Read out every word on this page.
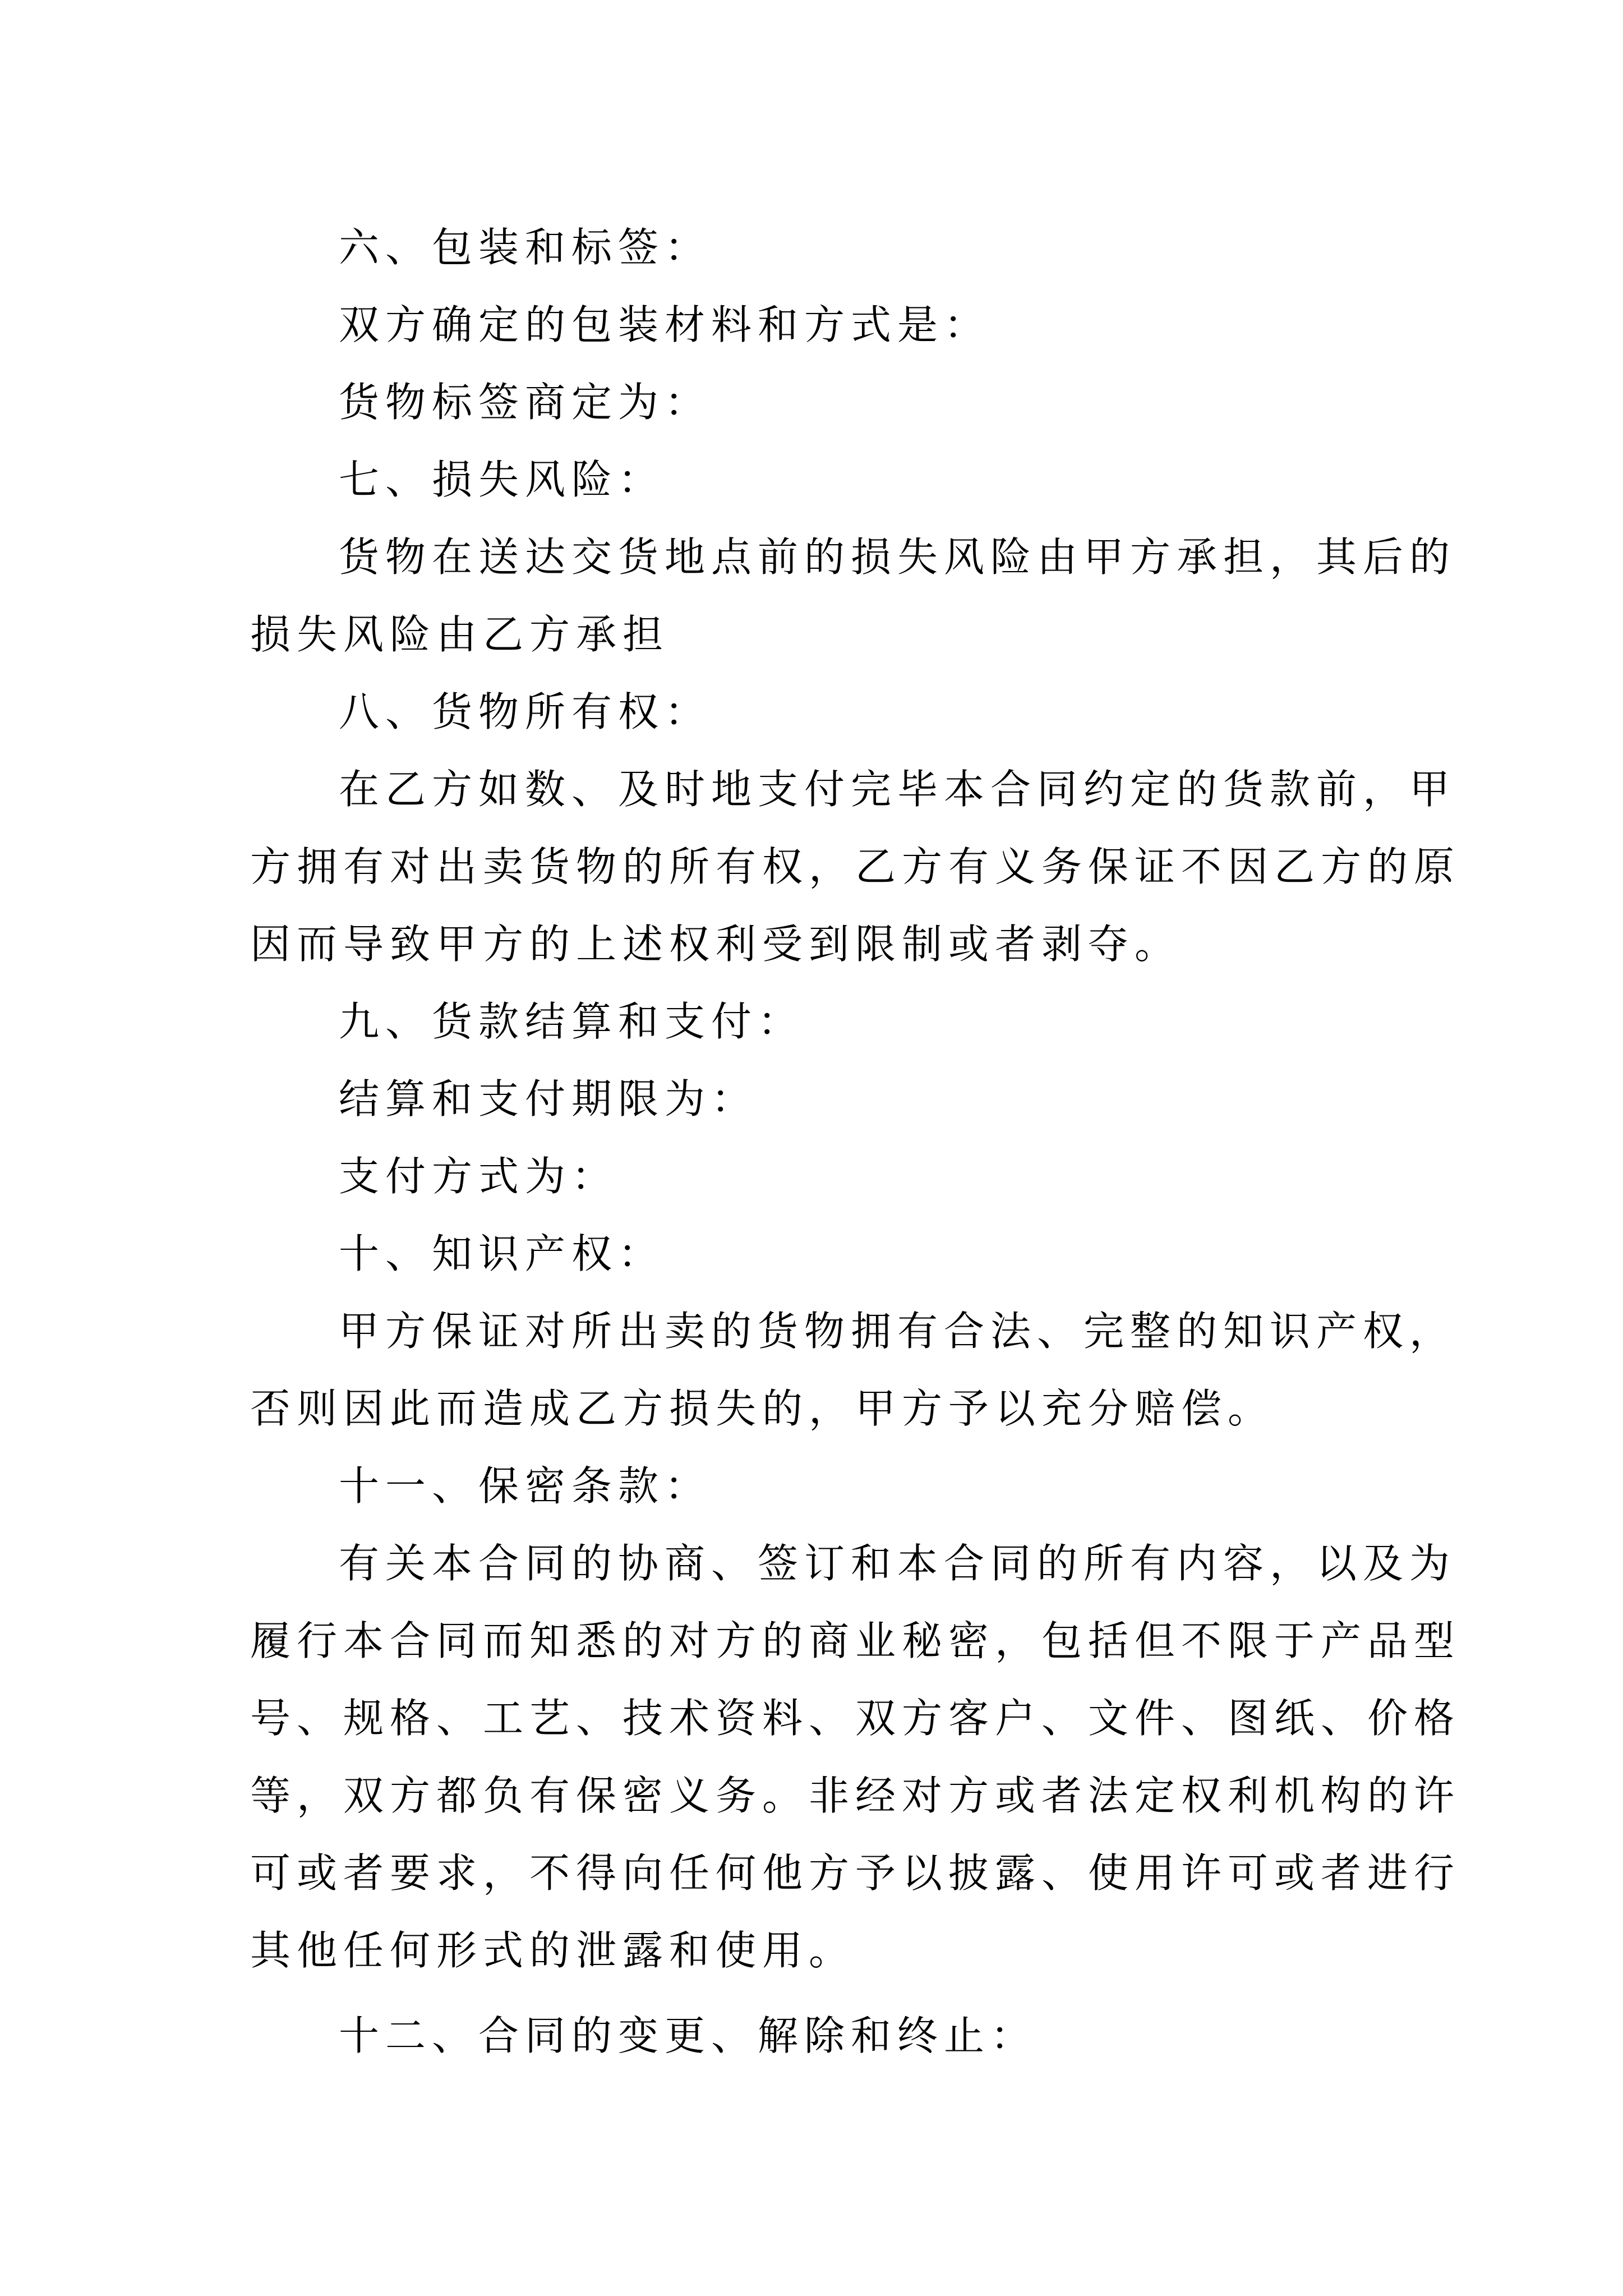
六、包装和标签：
双方确定的包装材料和方式是：
货物标签商定为：
七、损失风险：
货物在送达交货地点前的损失风险由甲方承担，其后的
损失风险由乙方承担
八、货物所有权：
在乙方如数、及时地支付完毕本合同约定的货款前，甲
方拥有对出卖货物的所有权，乙方有义务保证不因乙方的原
因而导致甲方的上述权利受到限制或者剥夺。
九、货款结算和支付：
结算和支付期限为：
支付方式为：
十、知识产权：
甲方保证对所出卖的货物拥有合法、完整的知识产权，
否则因此而造成乙方损失的，甲方予以充分赔偿。
十一、保密条款：
有关本合同的协商、签订和本合同的所有内容，以及为
履行本合同而知悉的对方的商业秘密，包括但不限于产品型
号、规格、工艺、技术资料、双方客户、文件、图纸、价格
等，双方都负有保密义务。非经对方或者法定权利机构的许
可或者要求，不得向任何他方予以披露、使用许可或者进行
其他任何形式的泄露和使用。
十二、合同的变更、解除和终止：
